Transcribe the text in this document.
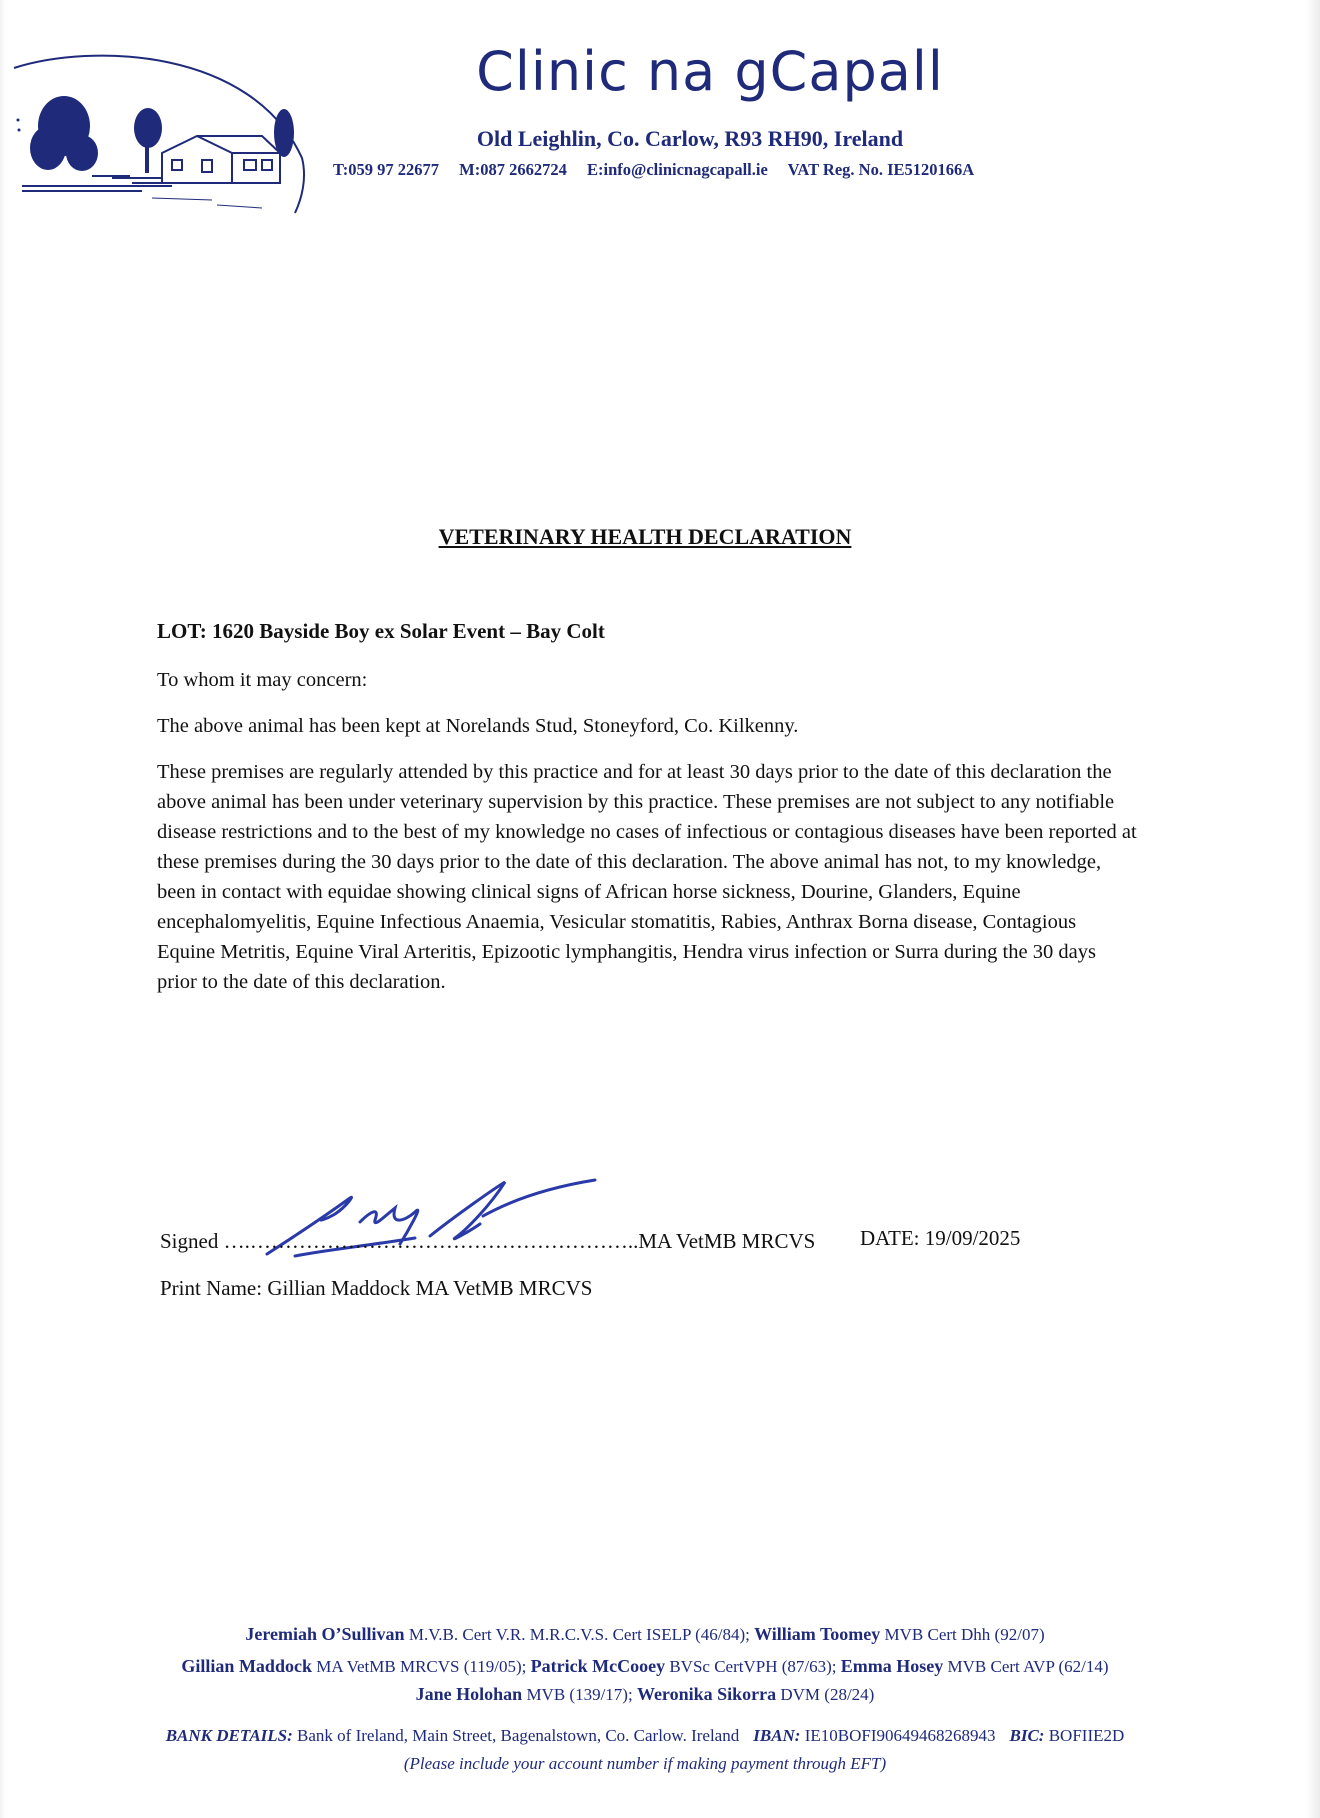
Clinic na gCapall
Old Leighlin, Co. Carlow, R93 RH90, Ireland
T:059 97 22677 M:087 2662724 E:info@clinicnagcapall.ie VAT Reg. No. IE5120166A
VETERINARY HEALTH DECLARATION
LOT: 1620 Bayside Boy ex Solar Event – Bay Colt
To whom it may concern:
The above animal has been kept at Norelands Stud, Stoneyford, Co. Kilkenny.
These premises are regularly attended by this practice and for at least 30 days prior to the date of this declaration the above animal has been under veterinary supervision by this practice. These premises are not subject to any notifiable disease restrictions and to the best of my knowledge no cases of infectious or contagious diseases have been reported at these premises during the 30 days prior to the date of this declaration. The above animal has not, to my knowledge, been in contact with equidae showing clinical signs of African horse sickness, Dourine, Glanders, Equine encephalomyelitis, Equine Infectious Anaemia, Vesicular stomatitis, Rabies, Anthrax Borna disease, Contagious Equine Metritis, Equine Viral Arteritis, Epizootic lymphangitis, Hendra virus infection or Surra during the 30 days prior to the date of this declaration.
Signed ….………………………………………………..MA VetMB MRCVS DATE: 19/09/2025
Print Name: Gillian Maddock MA VetMB MRCVS
Jeremiah O’Sullivan M.V.B. Cert V.R. M.R.C.V.S. Cert ISELP (46/84); William Toomey MVB Cert Dhh (92/07)
Gillian Maddock MA VetMB MRCVS (119/05); Patrick McCooey BVSc CertVPH (87/63); Emma Hosey MVB Cert AVP (62/14)
Jane Holohan MVB (139/17); Weronika Sikorra DVM (28/24)
BANK DETAILS: Bank of Ireland, Main Street, Bagenalstown, Co. Carlow. Ireland IBAN: IE10BOFI90649468268943 BIC: BOFIIE2D
(Please include your account number if making payment through EFT)
